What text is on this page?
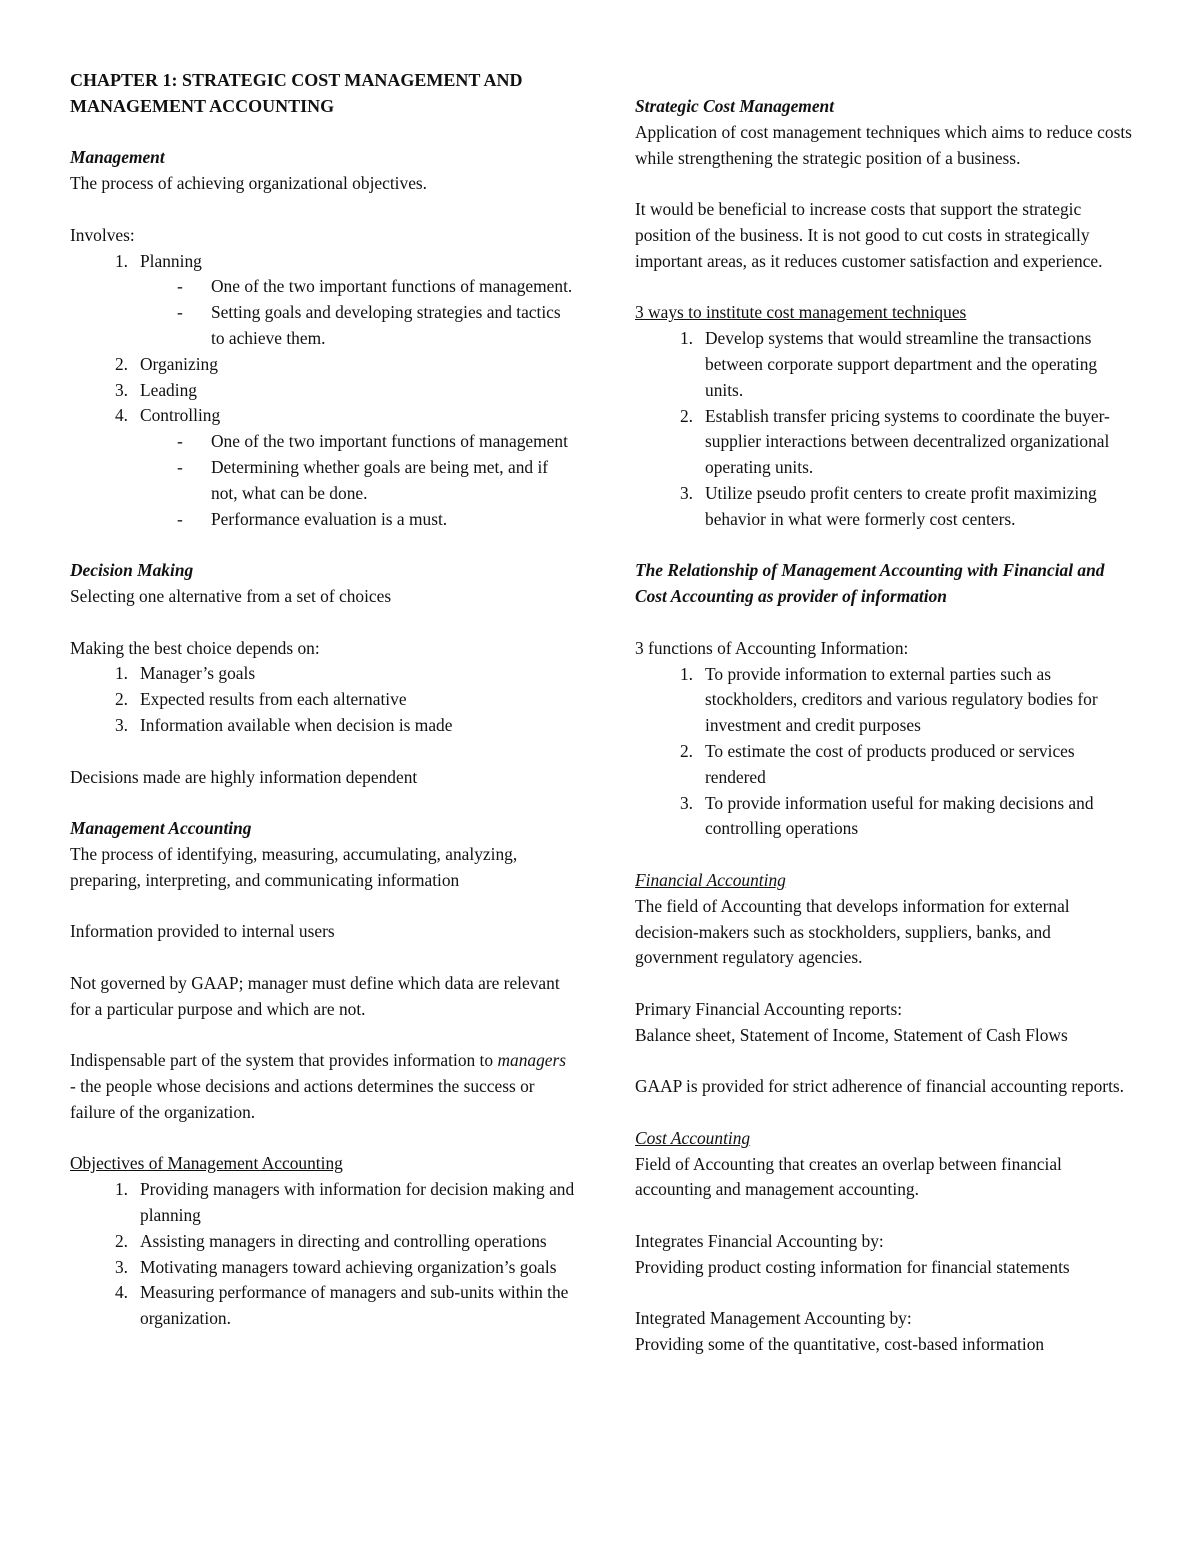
CHAPTER 1: STRATEGIC COST MANAGEMENT AND MANAGEMENT ACCOUNTING

Management

The process of achieving organizational objectives.

Involves:

1. Planning
- One of the two important functions of management.
- Setting goals and developing strategies and tactics to achieve them.
2. Organizing
3. Leading
4. Controlling
- One of the two important functions of management
- Determining whether goals are being met, and if not, what can be done.
- Performance evaluation is a must.

Decision Making

Selecting one alternative from a set of choices

Making the best choice depends on:

1. Manager’s goals
2. Expected results from each alternative
3. Information available when decision is made

Decisions made are highly information dependent

Management Accounting

The process of identifying, measuring, accumulating, analyzing, preparing, interpreting, and communicating information

Information provided to internal users

Not governed by GAAP; manager must define which data are relevant for a particular purpose and which are not.

Indispensable part of the system that provides information to managers - the people whose decisions and actions determines the success or failure of the organization.

Objectives of Management Accounting

1. Providing managers with information for decision making and planning
2. Assisting managers in directing and controlling operations
3. Motivating managers toward achieving organization’s goals
4. Measuring performance of managers and sub-units within the organization.

Strategic Cost Management

Application of cost management techniques which aims to reduce costs while strengthening the strategic position of a business.

It would be beneficial to increase costs that support the strategic position of the business. It is not good to cut costs in strategically important areas, as it reduces customer satisfaction and experience.

3 ways to institute cost management techniques

1. Develop systems that would streamline the transactions between corporate support department and the operating units.
2. Establish transfer pricing systems to coordinate the buyer-supplier interactions between decentralized organizational operating units.
3. Utilize pseudo profit centers to create profit maximizing behavior in what were formerly cost centers.

The Relationship of Management Accounting with Financial and Cost Accounting as provider of information

3 functions of Accounting Information:

1. To provide information to external parties such as stockholders, creditors and various regulatory bodies for investment and credit purposes
2. To estimate the cost of products produced or services rendered
3. To provide information useful for making decisions and controlling operations

Financial Accounting

The field of Accounting that develops information for external decision-makers such as stockholders, suppliers, banks, and government regulatory agencies.

Primary Financial Accounting reports:

Balance sheet, Statement of Income, Statement of Cash Flows

GAAP is provided for strict adherence of financial accounting reports.

Cost Accounting

Field of Accounting that creates an overlap between financial accounting and management accounting.

Integrates Financial Accounting by:

Providing product costing information for financial statements

Integrated Management Accounting by:

Providing some of the quantitative, cost-based information
